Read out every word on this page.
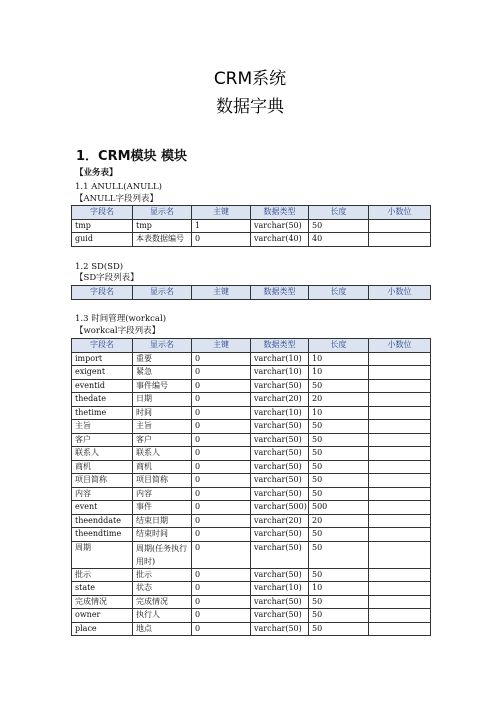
CRM系统
数据字典
1．CRM模块 模块
【业务表】
1.1 ANULL(ANULL)
【ANULL字段列表】
字段名	显示名	主键	数据类型	长度	小数位
tmp	tmp	1	varchar(50)	50	
guid	本表数据编号	0	varchar(40)	40	
1.2 SD(SD)
【SD字段列表】
字段名	显示名	主键	数据类型	长度	小数位
1.3 时间管理(workcal)
【workcal字段列表】
字段名	显示名	主键	数据类型	长度	小数位
import	重要	0	varchar(10)	10	
exigent	紧急	0	varchar(10)	10	
eventid	事件编号	0	varchar(50)	50	
thedate	日期	0	varchar(20)	20	
thetime	时间	0	varchar(10)	10	
主旨	主旨	0	varchar(50)	50	
客户	客户	0	varchar(50)	50	
联系人	联系人	0	varchar(50)	50	
商机	商机	0	varchar(50)	50	
项目简称	项目简称	0	varchar(50)	50	
内容	内容	0	varchar(50)	50	
event	事件	0	varchar(500)	500	
theenddate	结束日期	0	varchar(20)	20	
theendtime	结束时间	0	varchar(50)	50	
周期	周期(任务执行用时)	0	varchar(50)	50	
批示	批示	0	varchar(50)	50	
state	状态	0	varchar(10)	10	
完成情况	完成情况	0	varchar(50)	50	
owner	执行人	0	varchar(50)	50	
place	地点	0	varchar(50)	50	
